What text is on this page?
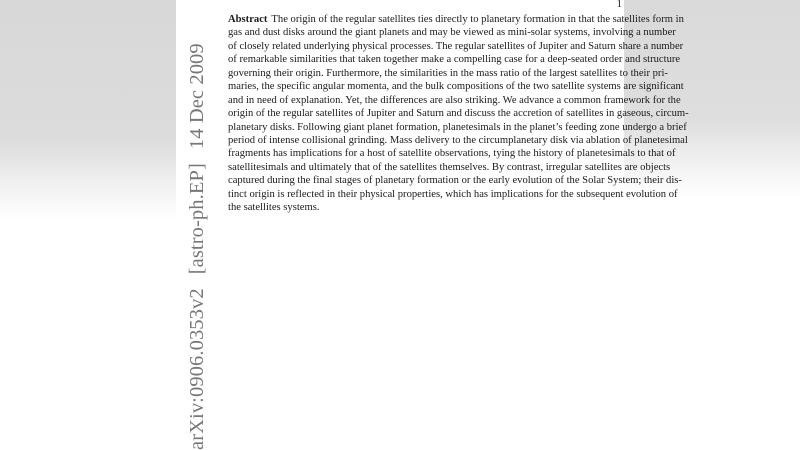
1
arXiv:0906.0353v2[astro-ph.EP]14 Dec 2009
Abstract The origin of the regular satellites ties directly to planetary formation in that the satellites form in
gas and dust disks around the giant planets and may be viewed as mini-solar systems, involving a number
of closely related underlying physical processes. The regular satellites of Jupiter and Saturn share a number
of remarkable similarities that taken together make a compelling case for a deep-seated order and structure
governing their origin. Furthermore, the similarities in the mass ratio of the largest satellites to their pri-
maries, the specific angular momenta, and the bulk compositions of the two satellite systems are significant
and in need of explanation. Yet, the differences are also striking. We advance a common framework for the
origin of the regular satellites of Jupiter and Saturn and discuss the accretion of satellites in gaseous, circum-
planetary disks. Following giant planet formation, planetesimals in the planet’s feeding zone undergo a brief
period of intense collisional grinding. Mass delivery to the circumplanetary disk via ablation of planetesimal
fragments has implications for a host of satellite observations, tying the history of planetesimals to that of
satellitesimals and ultimately that of the satellites themselves. By contrast, irregular satellites are objects
captured during the final stages of planetary formation or the early evolution of the Solar System; their dis-
tinct origin is reflected in their physical properties, which has implications for the subsequent evolution of
the satellites systems.
